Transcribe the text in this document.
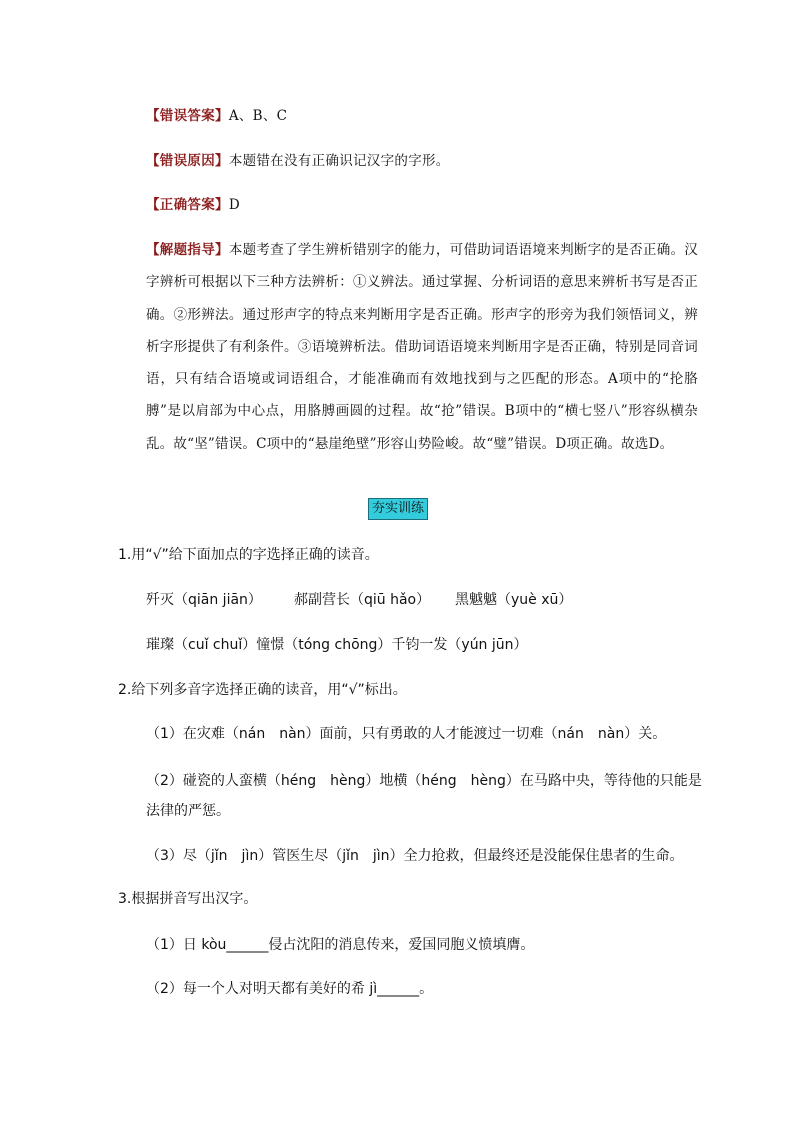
【错误答案】A、B、C
【错误原因】本题错在没有正确识记汉字的字形。
【正确答案】D
【解题指导】本题考查了学生辨析错别字的能力，可借助词语语境来判断字的是否正确。汉字辨析可根据以下三种方法辨析：①义辨法。通过掌握、分析词语的意思来辨析书写是否正确。②形辨法。通过形声字的特点来判断用字是否正确。形声字的形旁为我们领悟词义，辨析字形提供了有利条件。③语境辨析法。借助词语语境来判断用字是否正确，特别是同音词语，只有结合语境或词语组合，才能准确而有效地找到与之匹配的形态。A项中的“抡胳膊”是以肩部为中心点，用胳膊画圆的过程。故“抢”错误。B项中的“横七竖八”形容纵横杂乱。故“坚”错误。C项中的“悬崖绝壁”形容山势险峻。故“璧”错误。D项正确。故选D。
夯实训练
1.用“√”给下面加点的字选择正确的读音。
歼灭（qiān jiān） 郝副营长（qiū hǎo） 黑魆魆（yuè xū）
璀璨（cuǐ chuǐ）憧憬（tóng chōng）千钧一发（yún jūn）
2.给下列多音字选择正确的读音，用“√”标出。
（1）在灾难（nán　nàn）面前，只有勇敢的人才能渡过一切难（nán　nàn）关。
（2）碰瓷的人蛮横（héng　hèng）地横（héng　hèng）在马路中央，等待他的只能是法律的严惩。
（3）尽（jǐn　jìn）管医生尽（jǐn　jìn）全力抢救，但最终还是没能保住患者的生命。
3.根据拼音写出汉字。
（1）日 kòu______侵占沈阳的消息传来，爱国同胞义愤填膺。
（2）每一个人对明天都有美好的希 jì______。
